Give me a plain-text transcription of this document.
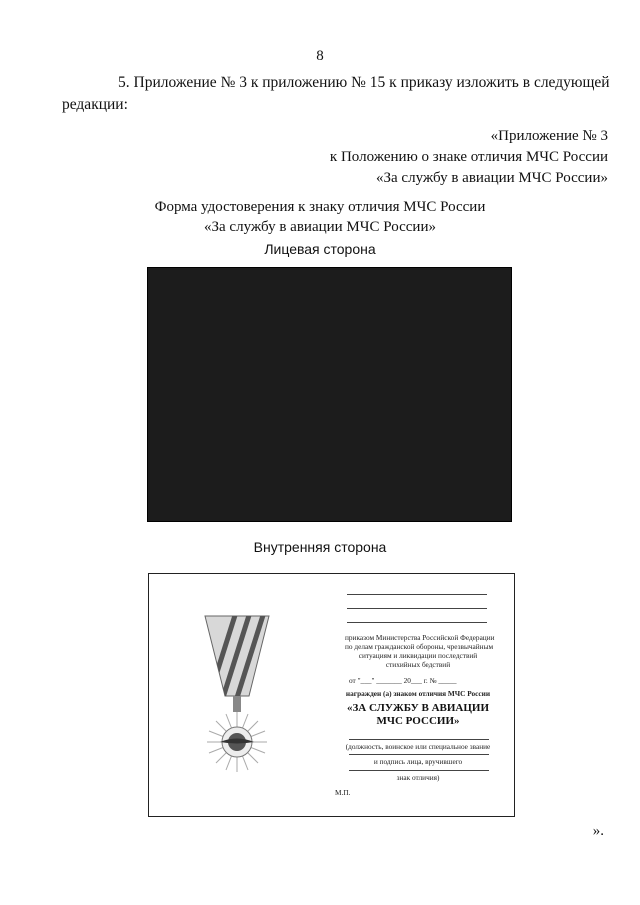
8
5. Приложение № 3 к приложению № 15 к приказу изложить в следующей
редакции:
«Приложение № 3
к Положению о знаке отличия МЧС России
«За службу в авиации МЧС России»
Форма удостоверения к знаку отличия МЧС России
«За службу в авиации МЧС России»
Лицевая сторона
Внутренняя сторона
приказом Министерства Российской Федерации
по делам гражданской обороны, чрезвычайным
ситуациям и ликвидации последствий
стихийных бедствий
от "___" _______ 20___ г. № _____
награжден (а) знаком отличия МЧС России
«ЗА СЛУЖБУ В АВИАЦИИ
МЧС РОССИИ»
(должность, воинское или специальное звание
и подпись лица, вручившего
знак отличия)
М.П.
».
